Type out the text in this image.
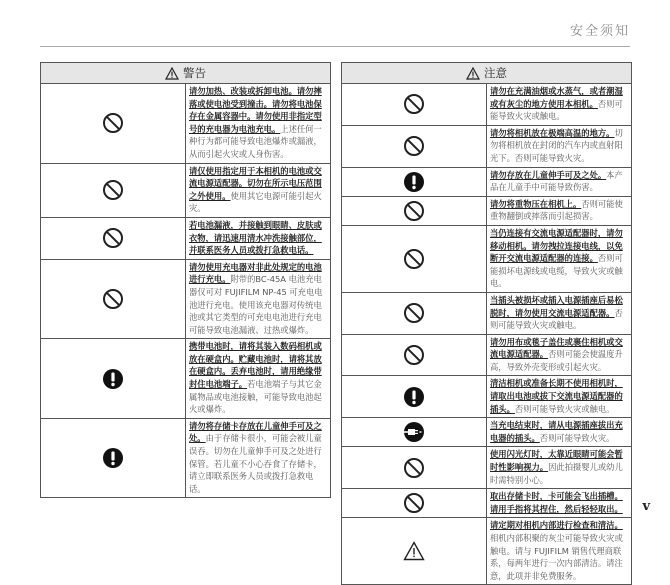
安全须知
警告	

	请勿加热、改装或拆卸电池。请勿摔落或使电池受到撞击。请勿将电池保存在金属容器中。请勿使用非指定型号的充电器为电池充电。上述任何一种行为都可能导致电池爆炸或漏液，从而引起火灾或人身伤害。

	请仅使用指定用于本相机的电池或交流电源适配器。切勿在所示电压范围之外使用。使用其它电源可能引起火灾。

	若电池漏液，并接触到眼睛、皮肤或衣物，请迅速用清水冲洗接触部位，并联系医务人员或拨打急救电话。

	请勿使用充电器对非此处规定的电池进行充电。附带的BC-45A 电池充电器仅可对 FUJIFILM NP-45 可充电电池进行充电。使用该充电器对传统电池或其它类型的可充电电池进行充电可能导致电池漏液、过热或爆炸。

	携带电池时，请将其装入数码相机或放在硬盒内。贮藏电池时，请将其放在硬盒内。丢弃电池时，请用绝缘带封住电池端子。若电池端子与其它金属物品或电池接触，可能导致电池起火或爆炸。

	请勿将存储卡存放在儿童伸手可及之处。由于存储卡很小，可能会被儿童误吞。切勿在儿童伸手可及之处进行保管。若儿童不小心吞食了存储卡，请立即联系医务人员或拨打急救电话。
注意	

	请勿在充满油烟或水蒸气，或者潮湿或有灰尘的地方使用本相机。否则可能导致火灾或触电。

	请勿将相机放在极端高温的地方。切勿将相机放在封闭的汽车内或直射阳光下。否则可能导致火灾。

	请勿存放在儿童伸手可及之处。本产品在儿童手中可能导致伤害。

	请勿将重物压在相机上。否则可能使重物翻倒或摔落而引起损害。

	当仍连接有交流电源适配器时，请勿移动相机。请勿拽拉连接电线，以免断开交流电源适配器的连接。否则可能损坏电源线或电缆，导致火灾或触电。

	当插头被损坏或插入电源插座后易松脱时，请勿使用交流电源适配器。否则可能导致火灾或触电。

	请勿用布或毯子盖住或裹住相机或交流电源适配器。否则可能会使温度升高，导致外壳变形或引起火灾。

	清洁相机或准备长期不使用相机时，请取出电池或拔下交流电源适配器的插头。否则可能导致火灾或触电。

	当充电结束时，请从电源插座拔出充电器的插头。否则可能导致火灾。

	使用闪光灯时，太靠近眼睛可能会暂时性影响视力。因此拍摄婴儿或幼儿时需特别小心。

	取出存储卡时，卡可能会飞出插槽。请用手指将其捏住，然后轻轻取出。

	请定期对相机内部进行检查和清洁。相机内部积聚的灰尘可能导致火灾或触电。请与 FUJIFILM 销售代理商联系，每两年进行一次内部清洁。请注意，此项并非免费服务。
v
